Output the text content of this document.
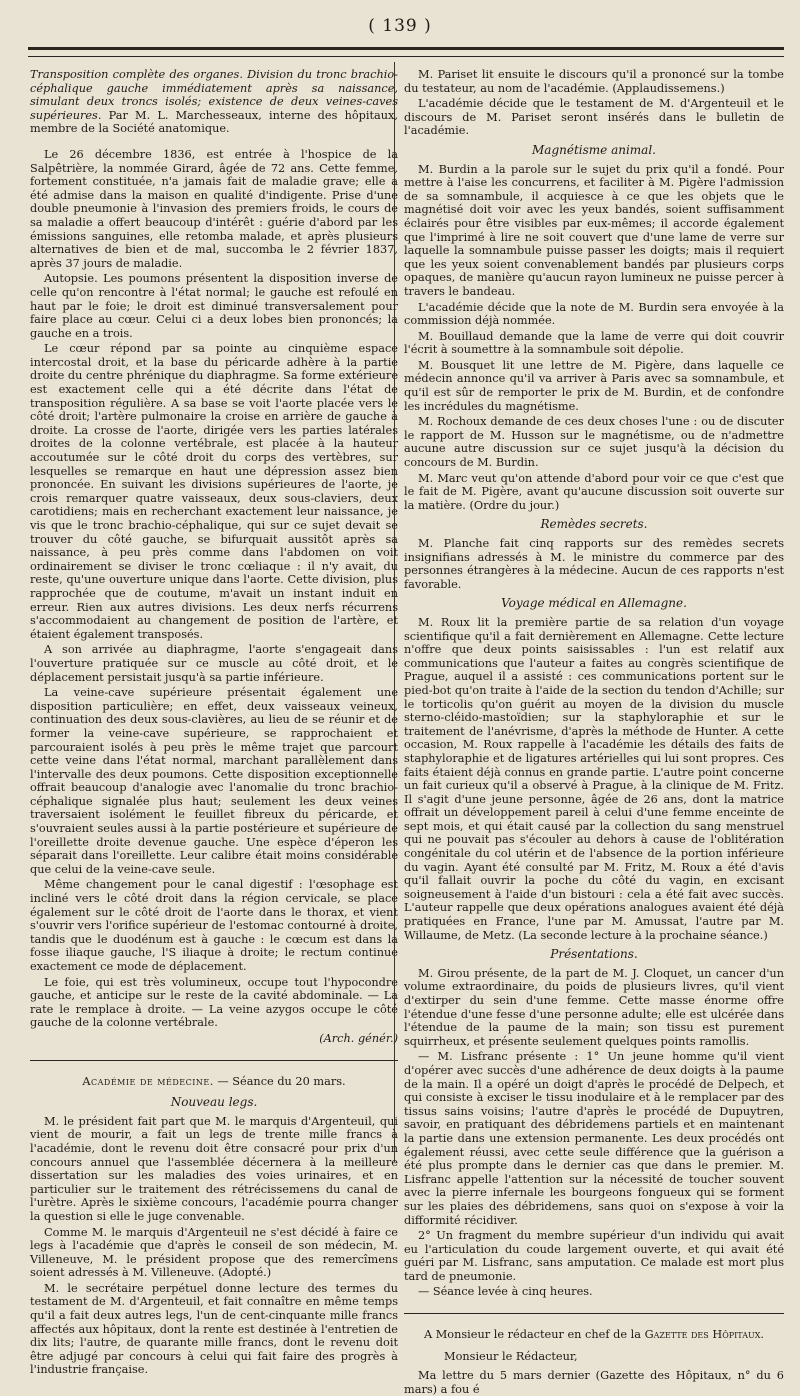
( 139 )

Transposition complète des organes. Division du tronc brachio-céphalique gauche immédiatement après sa naissance, simulant deux troncs isolés; existence de deux veines-caves supérieures. Par M. L. Marchesseaux, interne des hôpitaux, membre de la Société anatomique.

Le 26 décembre 1836, est entrée à l'hospice de la Salpêtrière, la nommée Girard, âgée de 72 ans. Cette femme, fortement constituée, n'a jamais fait de maladie grave; elle a été admise dans la maison en qualité d'indigente. Prise d'une double pneumonie à l'invasion des premiers froids, le cours de sa maladie a offert beaucoup d'intérêt : guérie d'abord par les émissions sanguines, elle retomba malade, et après plusieurs alternatives de bien et de mal, succomba le 2 février 1837, après 37 jours de maladie.

Autopsie. Les poumons présentent la disposition inverse de celle qu'on rencontre à l'état normal; le gauche est refoulé en haut par le foie; le droit est diminué transversalement pour faire place au cœur. Celui ci a deux lobes bien prononcés; la gauche en a trois.

Le cœur répond par sa pointe au cinquième espace intercostal droit, et la base du péricarde adhère à la partie droite du centre phrénique du diaphragme. Sa forme extérieure est exactement celle qui a été décrite dans l'état de transposition régulière. A sa base se voit l'aorte placée vers le côté droit; l'artère pulmonaire la croise en arrière de gauche à droite. La crosse de l'aorte, dirigée vers les parties latérales droites de la colonne vertébrale, est placée à la hauteur accoutumée sur le côté droit du corps des vertèbres, sur lesquelles se remarque en haut une dépression assez bien prononcée. En suivant les divisions supérieures de l'aorte, je crois remarquer quatre vaisseaux, deux sous-claviers, deux carotidiens; mais en recherchant exactement leur naissance, je vis que le tronc brachio-céphalique, qui sur ce sujet devait se trouver du côté gauche, se bifurquait aussitôt après sa naissance, à peu près comme dans l'abdomen on voit ordinairement se diviser le tronc cœliaque : il n'y avait, du reste, qu'une ouverture unique dans l'aorte. Cette division, plus rapprochée que de coutume, m'avait un instant induit en erreur. Rien aux autres divisions. Les deux nerfs récurrens s'accommodaient au changement de position de l'artère, et étaient également transposés.

A son arrivée au diaphragme, l'aorte s'engageait dans l'ouverture pratiquée sur ce muscle au côté droit, et le déplacement persistait jusqu'à sa partie inférieure.

La veine-cave supérieure présentait également une disposition particulière; en effet, deux vaisseaux veineux, continuation des deux sous-clavières, au lieu de se réunir et de former la veine-cave supérieure, se rapprochaient et parcouraient isolés à peu près le même trajet que parcourt cette veine dans l'état normal, marchant parallèlement dans l'intervalle des deux poumons. Cette disposition exceptionnelle offrait beaucoup d'analogie avec l'anomalie du tronc brachio-céphalique signalée plus haut; seulement les deux veines traversaient isolément le feuillet fibreux du péricarde, et s'ouvraient seules aussi à la partie postérieure et supérieure de l'oreillette droite devenue gauche. Une espèce d'éperon les séparait dans l'oreillette. Leur calibre était moins considérable que celui de la veine-cave seule.

Même changement pour le canal digestif : l'œsophage est incliné vers le côté droit dans la région cervicale, se place également sur le côté droit de l'aorte dans le thorax, et vient s'ouvrir vers l'orifice supérieur de l'estomac contourné à droite, tandis que le duodénum est à gauche : le cœcum est dans la fosse iliaque gauche, l'S iliaque à droite; le rectum continue exactement ce mode de déplacement.

Le foie, qui est très volumineux, occupe tout l'hypocondre gauche, et anticipe sur le reste de la cavité abdominale. — La rate le remplace à droite. — La veine azygos occupe le côté gauche de la colonne vertébrale.

(Arch. génér.)

Académie de médecine. — Séance du 20 mars.

Nouveau legs.

M. le président fait part que M. le marquis d'Argenteuil, qui vient de mourir, a fait un legs de trente mille francs à l'académie, dont le revenu doit être consacré pour prix d'un concours annuel que l'assemblée décernera à la meilleure dissertation sur les maladies des voies urinaires, et en particulier sur le traitement des rétrécissemens du canal de l'urètre. Après le sixième concours, l'académie pourra changer la question si elle le juge convenable.

Comme M. le marquis d'Argenteuil ne s'est décidé à faire ce legs à l'académie que d'après le conseil de son médecin, M. Villeneuve, M. le président propose que des remercîmens soient adressés à M. Villeneuve. (Adopté.)

M. le secrétaire perpétuel donne lecture des termes du testament de M. d'Argenteuil, et fait connaître en même temps qu'il a fait deux autres legs, l'un de cent-cinquante mille francs affectés aux hôpitaux, dont la rente est destinée à l'entretien de dix lits; l'autre, de quarante mille francs, dont le revenu doit être adjugé par concours à celui qui fait faire des progrès à l'industrie française.

M. Pariset lit ensuite le discours qu'il a prononcé sur la tombe du testateur, au nom de l'académie. (Applaudissemens.)

L'académie décide que le testament de M. d'Argenteuil et le discours de M. Pariset seront insérés dans le bulletin de l'académie.

Magnétisme animal.

M. Burdin a la parole sur le sujet du prix qu'il a fondé. Pour mettre à l'aise les concurrens, et faciliter à M. Pigère l'admission de sa somnambule, il acquiesce à ce que les objets que le magnétisé doit voir avec les yeux bandés, soient suffisamment éclairés pour être visibles par eux-mêmes; il accorde également que l'imprimé à lire ne soit couvert que d'une lame de verre sur laquelle la somnambule puisse passer les doigts; mais il requiert que les yeux soient convenablement bandés par plusieurs corps opaques, de manière qu'aucun rayon lumineux ne puisse percer à travers le bandeau.

L'académie décide que la note de M. Burdin sera envoyée à la commission déjà nommée.

M. Bouillaud demande que la lame de verre qui doit couvrir l'écrit à soumettre à la somnambule soit dépolie.

M. Bousquet lit une lettre de M. Pigère, dans laquelle ce médecin annonce qu'il va arriver à Paris avec sa somnambule, et qu'il est sûr de remporter le prix de M. Burdin, et de confondre les incrédules du magnétisme.

M. Rochoux demande de ces deux choses l'une : ou de discuter le rapport de M. Husson sur le magnétisme, ou de n'admettre aucune autre discussion sur ce sujet jusqu'à la décision du concours de M. Burdin.

M. Marc veut qu'on attende d'abord pour voir ce que c'est que le fait de M. Pigère, avant qu'aucune discussion soit ouverte sur la matière. (Ordre du jour.)

Remèdes secrets.

M. Planche fait cinq rapports sur des remèdes secrets insignifians adressés à M. le ministre du commerce par des personnes étrangères à la médecine. Aucun de ces rapports n'est favorable.

Voyage médical en Allemagne.

M. Roux lit la première partie de sa relation d'un voyage scientifique qu'il a fait dernièrement en Allemagne. Cette lecture n'offre que deux points saisissables : l'un est relatif aux communications que l'auteur a faites au congrès scientifique de Prague, auquel il a assisté : ces communications portent sur le pied-bot qu'on traite à l'aide de la section du tendon d'Achille; sur le torticolis qu'on guérit au moyen de la division du muscle sterno-cléido-mastoïdien; sur la staphyloraphie et sur le traitement de l'anévrisme, d'après la méthode de Hunter. A cette occasion, M. Roux rappelle à l'académie les détails des faits de staphyloraphie et de ligatures artérielles qui lui sont propres. Ces faits étaient déjà connus en grande partie. L'autre point concerne un fait curieux qu'il a observé à Prague, à la clinique de M. Fritz. Il s'agit d'une jeune personne, âgée de 26 ans, dont la matrice offrait un développement pareil à celui d'une femme enceinte de sept mois, et qui était causé par la collection du sang menstruel qui ne pouvait pas s'écouler au dehors à cause de l'oblitération congénitale du col utérin et de l'absence de la portion inférieure du vagin. Ayant été consulté par M. Fritz, M. Roux a été d'avis qu'il fallait ouvrir la poche du côté du vagin, en excisant soigneusement à l'aide d'un bistouri : cela a été fait avec succès. L'auteur rappelle que deux opérations analogues avaient été déjà pratiquées en France, l'une par M. Amussat, l'autre par M. Willaume, de Metz. (La seconde lecture à la prochaine séance.)

Présentations.

M. Girou présente, de la part de M. J. Cloquet, un cancer d'un volume extraordinaire, du poids de plusieurs livres, qu'il vient d'extirper du sein d'une femme. Cette masse énorme offre l'étendue d'une fesse d'une personne adulte; elle est ulcérée dans l'étendue de la paume de la main; son tissu est purement squirrheux, et présente seulement quelques points ramollis.

— M. Lisfranc présente : 1° Un jeune homme qu'il vient d'opérer avec succès d'une adhérence de deux doigts à la paume de la main. Il a opéré un doigt d'après le procédé de Delpech, et qui consiste à exciser le tissu inodulaire et à le remplacer par des tissus sains voisins; l'autre d'après le procédé de Dupuytren, savoir, en pratiquant des débridemens partiels et en maintenant la partie dans une extension permanente. Les deux procédés ont également réussi, avec cette seule différence que la guérison a été plus prompte dans le dernier cas que dans le premier. M. Lisfranc appelle l'attention sur la nécessité de toucher souvent avec la pierre infernale les bourgeons fongueux qui se forment sur les plaies des débridemens, sans quoi on s'expose à voir la difformité récidiver.

2° Un fragment du membre supérieur d'un individu qui avait eu l'articulation du coude largement ouverte, et qui avait été guéri par M. Lisfranc, sans amputation. Ce malade est mort plus tard de pneumonie.

— Séance levée à cinq heures.

A Monsieur le rédacteur en chef de la Gazette des Hôpitaux.

Monsieur le Rédacteur,

Ma lettre du 5 mars dernier (Gazette des Hôpitaux, n° du 6 mars) a fou é
